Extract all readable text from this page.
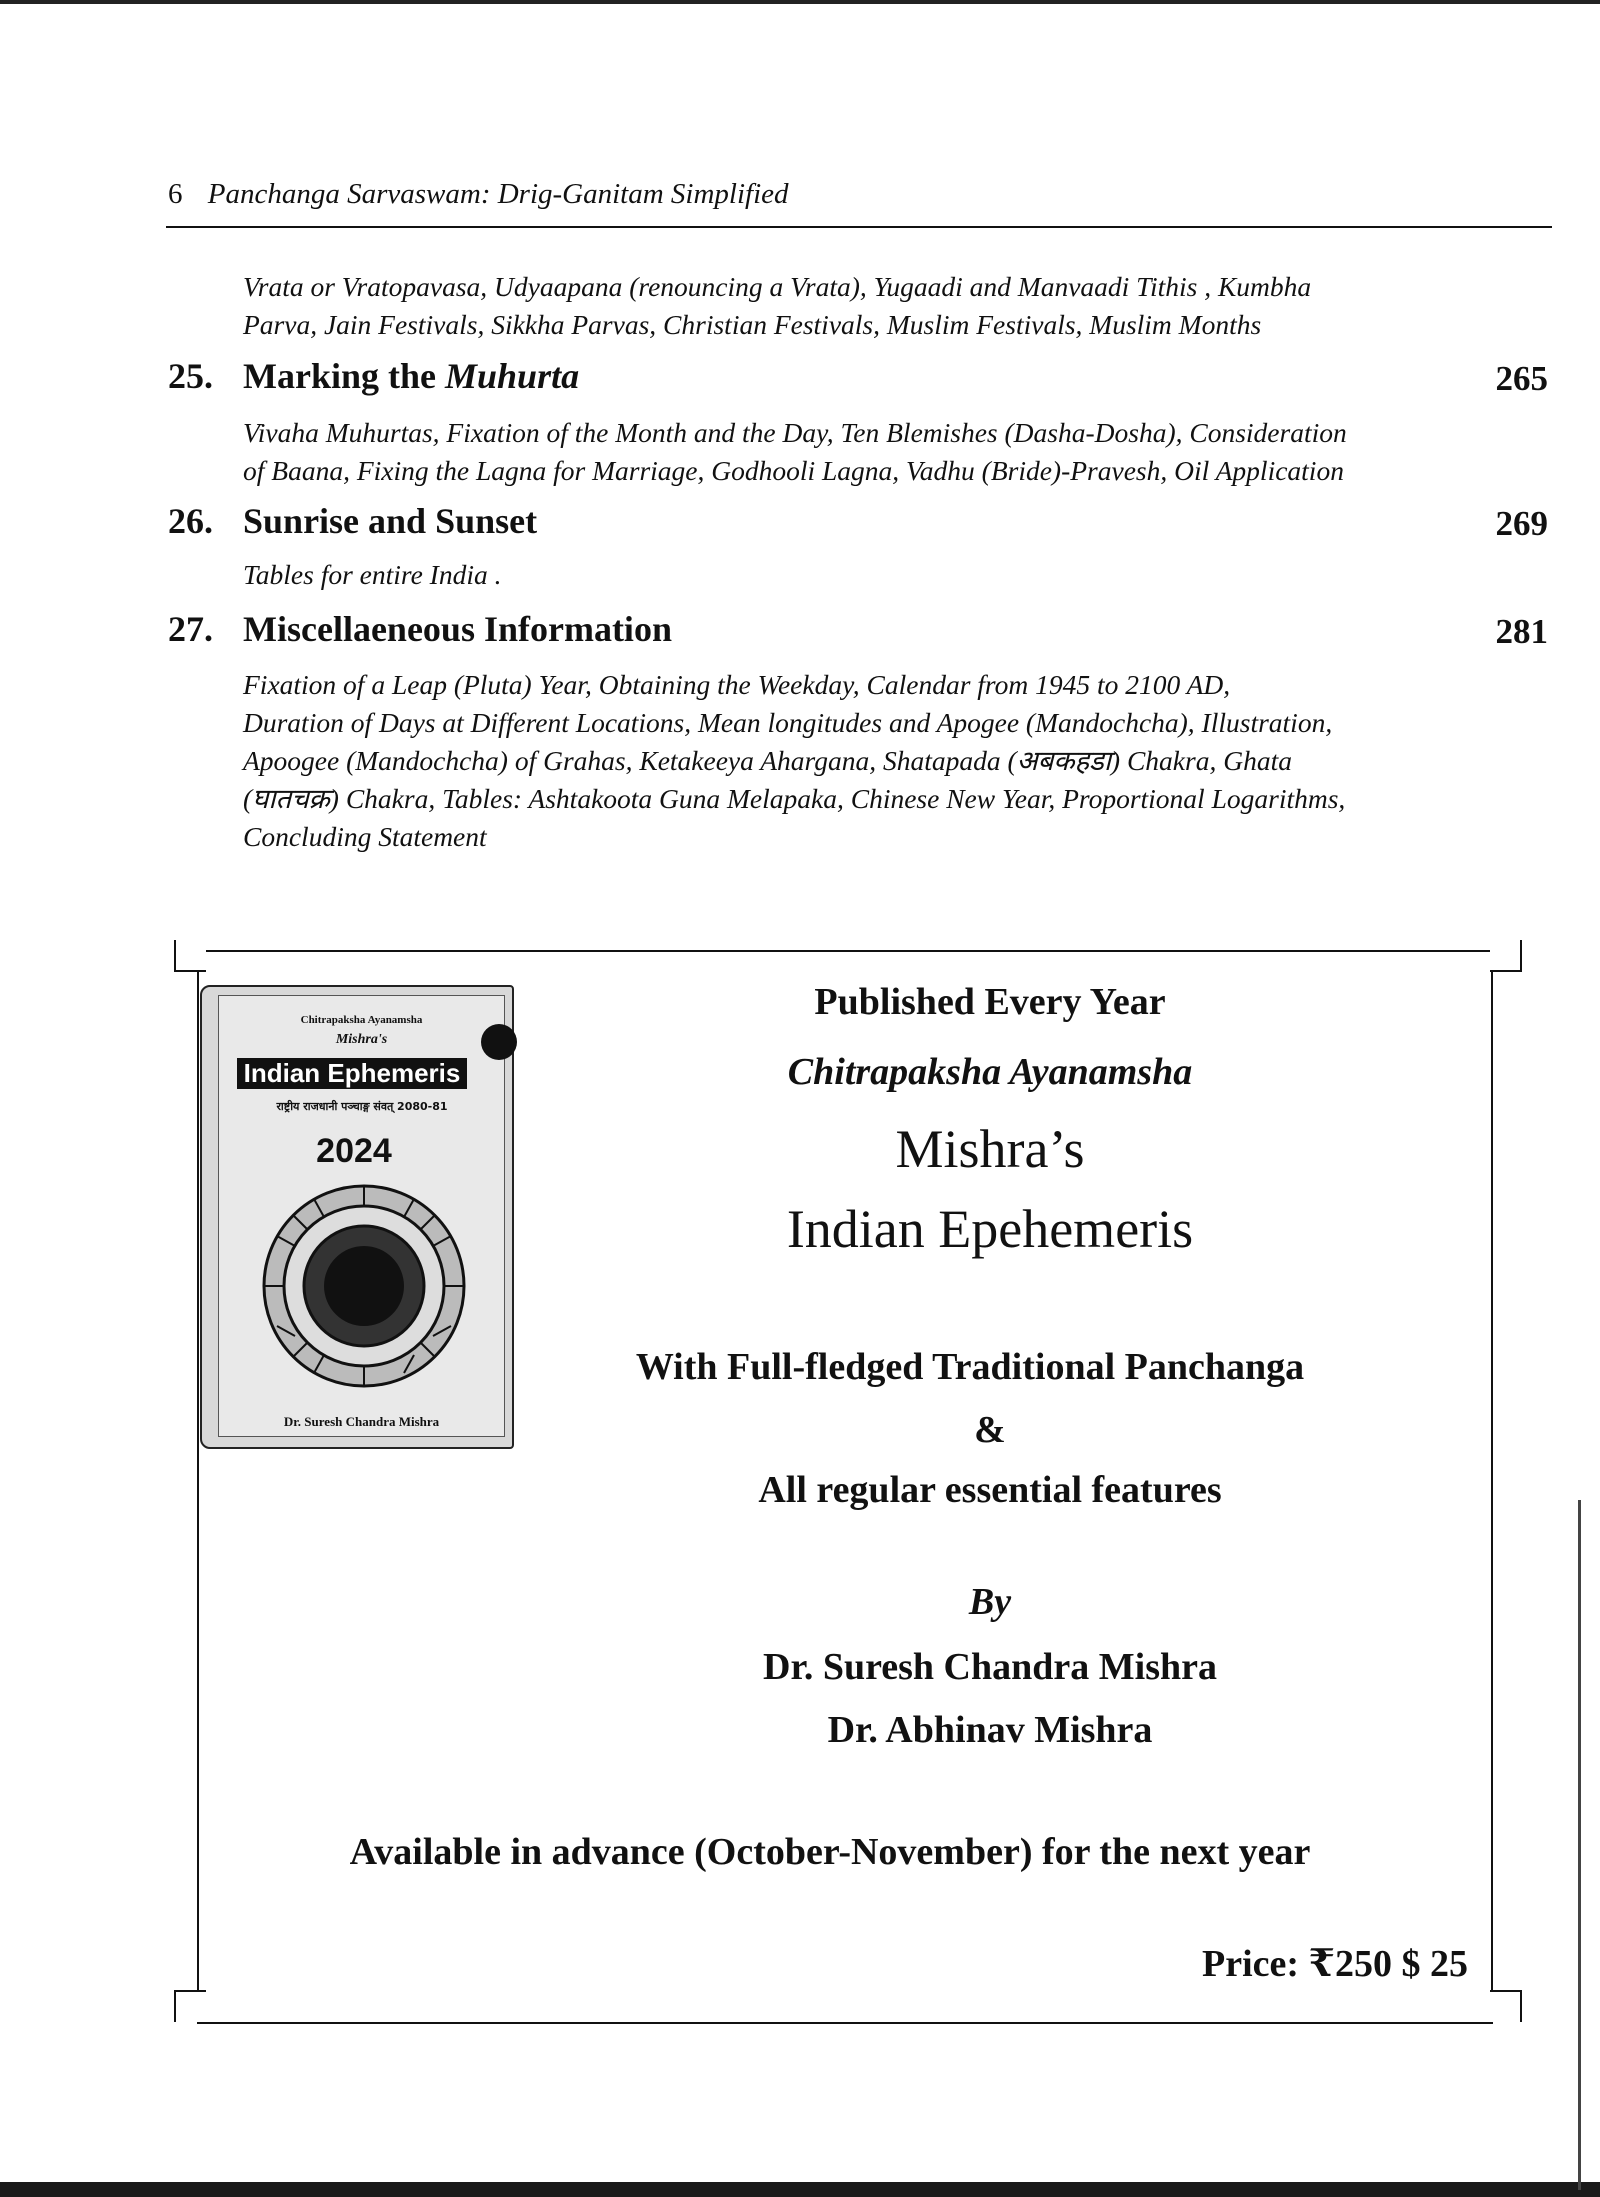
6 Panchanga Sarvaswam: Drig-Ganitam Simplified
Vrata or Vratopavasa, Udyaapana (renouncing a Vrata), Yugaadi and Manvaadi Tithis , Kumbha
Parva, Jain Festivals, Sikkha Parvas, Christian Festivals, Muslim Festivals, Muslim Months
25. Marking the Muhurta	265
Vivaha Muhurtas, Fixation of the Month and the Day, Ten Blemishes (Dasha-Dosha), Consideration
of Baana, Fixing the Lagna for Marriage, Godhooli Lagna, Vadhu (Bride)-Pravesh, Oil Application
26. Sunrise and Sunset	269
Tables for entire India .
27. Miscellaeneous Information	281
Fixation of a Leap (Pluta) Year, Obtaining the Weekday, Calendar from 1945 to 2100 AD,
Duration of Days at Different Locations, Mean longitudes and Apogee (Mandochcha), Illustration,
Apoogee (Mandochcha) of Grahas, Ketakeeya Ahargana, Shatapada (अबकहडा) Chakra, Ghata
(घातचक्र) Chakra, Tables: Ashtakoota Guna Melapaka, Chinese New Year, Proportional Logarithms,
Concluding Statement
Chitrapaksha Ayanamsha
Mishra's
Indian Ephemeris
राष्ट्रीय राजधानी पञ्चाङ्ग संवत् 2080-81
2024
Dr. Suresh Chandra Mishra
Published Every Year
Chitrapaksha Ayanamsha
Mishra’s
Indian Epehemeris
With Full-fledged Traditional Panchanga
&
All regular essential features
By
Dr. Suresh Chandra Mishra
Dr. Abhinav Mishra
Available in advance (October-November) for the next year
Price: ₹250 $ 25
